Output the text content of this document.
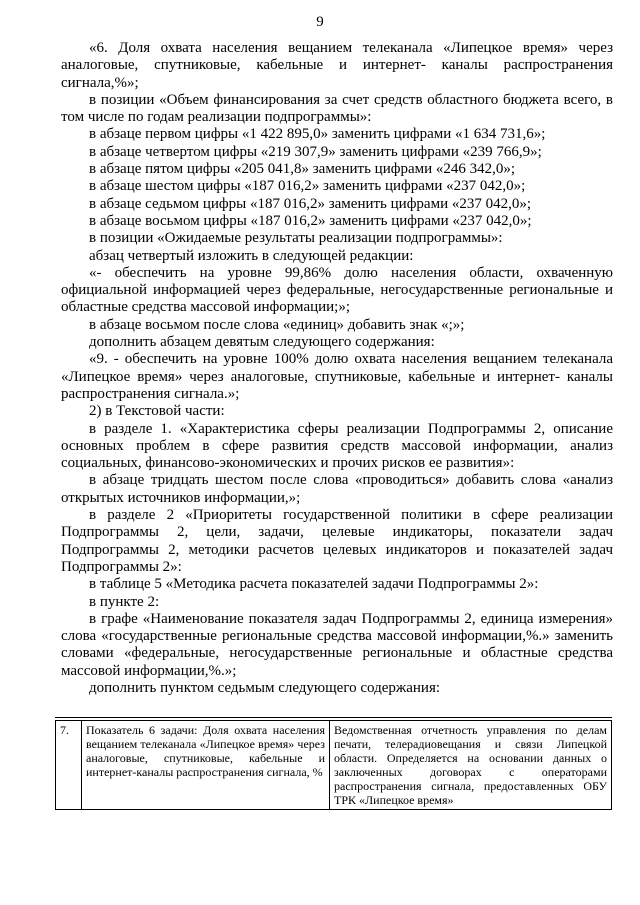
9

«6. Доля охвата населения вещанием телеканала «Липецкое время» через аналоговые, спутниковые, кабельные и интернет- каналы распространения сигнала,%»;

в позиции «Объем финансирования за счет средств областного бюджета всего, в том числе по годам реализации подпрограммы»:

в абзаце первом цифры «1 422 895,0» заменить цифрами «1 634 731,6»;

в абзаце четвертом цифры «219 307,9» заменить цифрами «239 766,9»;

в абзаце пятом цифры «205 041,8» заменить цифрами «246 342,0»;

в абзаце шестом цифры «187 016,2» заменить цифрами «237 042,0»;

в абзаце седьмом цифры «187 016,2» заменить цифрами «237 042,0»;

в абзаце восьмом цифры «187 016,2» заменить цифрами «237 042,0»;

в позиции «Ожидаемые результаты реализации подпрограммы»:

абзац четвертый изложить в следующей редакции:

«- обеспечить на уровне 99,86% долю населения области, охваченную официальной информацией через федеральные, негосударственные региональные и областные средства массовой информации;»;

в абзаце восьмом после слова «единиц» добавить знак «;»;

дополнить абзацем девятым следующего содержания:

«9. - обеспечить на уровне 100% долю охвата населения вещанием телеканала «Липецкое время» через аналоговые, спутниковые, кабельные и интернет- каналы распространения сигнала.»;

2) в Текстовой части:

в разделе 1. «Характеристика сферы реализации Подпрограммы 2, описание основных проблем в сфере развития средств массовой информации, анализ социальных, финансово-экономических и прочих рисков ее развития»:

в абзаце тридцать шестом после слова «проводиться» добавить слова «анализ открытых источников информации,»;

в разделе 2 «Приоритеты государственной политики в сфере реализации Подпрограммы 2, цели, задачи, целевые индикаторы, показатели задач Подпрограммы 2, методики расчетов целевых индикаторов и показателей задач Подпрограммы 2»:

в таблице 5 «Методика расчета показателей задачи Подпрограммы 2»:

в пункте 2:

в графе «Наименование показателя задач Подпрограммы 2, единица измерения» слова «государственные региональные средства массовой информации,%.» заменить словами «федеральные, негосударственные региональные и областные средства массовой информации,%.»;

дополнить пунктом седьмым следующего содержания:

7.	Показатель 6 задачи: Доля охвата населения вещанием телеканала «Липецкое время» через аналоговые, спутниковые, кабельные и интернет-каналы распространения сигнала, %	Ведомственная отчетность управления по делам печати, телерадиовещания и связи Липецкой области. Определяется на основании данных о заключенных договорах с операторами распространения сигнала, предоставленных ОБУ ТРК «Липецкое время»
